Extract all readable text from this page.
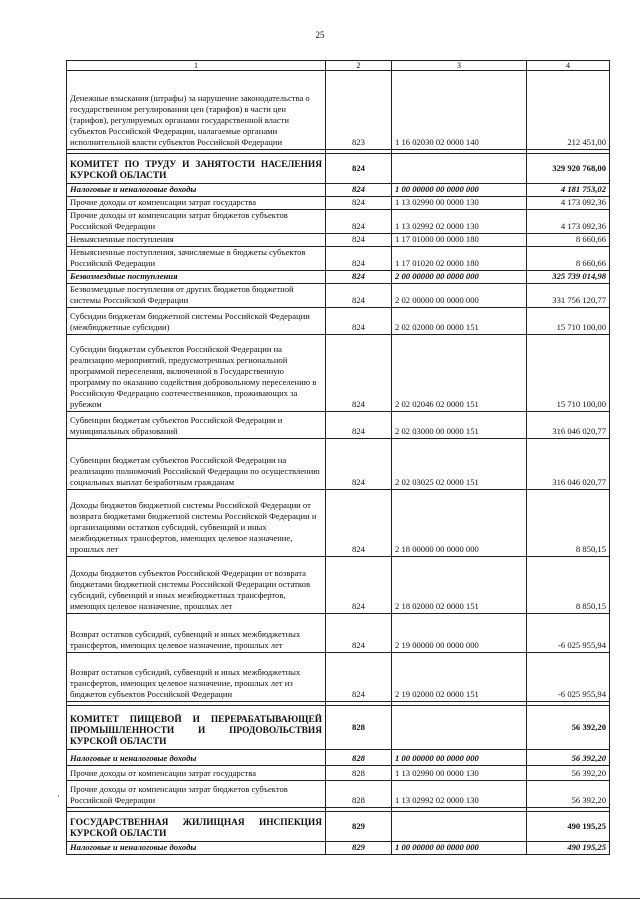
25
1	2	3	4
Денежные взыскания (штрафы) за нарушение законодательства о государственном регулировании цен (тарифов) в части цен (тарифов), регулируемых органами государственной власти субъектов Российской Федерации, налагаемые органами исполнительной власти субъектов Российской Федерации	823	1 16 02030 02 0000 140	212 451,00

КОМИТЕТ ПО ТРУДУ И ЗАНЯТОСТИ НАСЕЛЕНИЯ КУРСКОЙ ОБЛАСТИ	824		329 920 768,00
Налоговые и неналоговые доходы	824	1 00 00000 00 0000 000	4 181 753,02
Прочие доходы от компенсации затрат государства	824	1 13 02990 00 0000 130	4 173 092,36
Прочие доходы от компенсации затрат бюджетов субъектов Российской Федерации	824	1 13 02992 02 0000 130	4 173 092,36
Невыясненные поступления	824	1 17 01000 00 0000 180	8 660,66
Невыясненные поступления, зачисляемые в бюджеты субъектов Российской Федерации	824	1 17 01020 02 0000 180	8 660,66
Безвозмездные поступления	824	2 00 00000 00 0000 000	325 739 014,98
Безвозмездные поступления от других бюджетов бюджетной системы Российской Федерации	824	2 02 00000 00 0000 000	331 756 120,77
Субсидии бюджетам бюджетной системы Российской Федерации (межбюджетные субсидии)	824	2 02 02000 00 0000 151	15 710 100,00
Субсидии бюджетам субъектов Российской Федерации на реализацию мероприятий, предусмотренных региональной программой переселения, включенной в Государственную программу по оказанию содействия добровольному переселению в Российскую Федерацию соотечественников, проживающих за рубежом	824	2 02 02046 02 0000 151	15 710 100,00
Субвенции бюджетам субъектов Российской Федерации и муниципальных образований	824	2 02 03000 00 0000 151	316 046 020,77
Субвенции бюджетам субъектов Российской Федерации на реализацию полномочий Российской Федерации по осуществлению социальных выплат безработным гражданам	824	2 02 03025 02 0000 151	316 046 020,77
Доходы бюджетов бюджетной системы Российской Федерации от возврата бюджетами бюджетной системы Российской Федерации и организациями остатков субсидий, субвенций и иных межбюджетных трансфертов, имеющих целевое назначение, прошлых лет	824	2 18 00000 00 0000 000	8 850,15
Доходы бюджетов субъектов Российской Федерации от возврата бюджетами бюджетной системы Российской Федерации остатков субсидий, субвенций и иных межбюджетных трансфертов, имеющих целевое назначение, прошлых лет	824	2 18 02000 02 0000 151	8 850,15
Возврат остатков субсидий, субвенций и иных межбюджетных трансфертов, имеющих целевое назначение, прошлых лет	824	2 19 00000 00 0000 000	-6 025 955,94
Возврат остатков субсидий, субвенций и иных межбюджетных трансфертов, имеющих целевое назначение, прошлых лет из бюджетов субъектов Российской Федерации	824	2 19 02000 02 0000 151	-6 025 955,94

КОМИТЕТ ПИЩЕВОЙ И ПЕРЕРАБАТЫВАЮЩЕЙ ПРОМЫШЛЕННОСТИ И ПРОДОВОЛЬСТВИЯ КУРСКОЙ ОБЛАСТИ	828		56 392,20
Налоговые и неналоговые доходы	828	1 00 00000 00 0000 000	56 392,20
Прочие доходы от компенсации затрат государства	828	1 13 02990 00 0000 130	56 392,20
Прочие доходы от компенсации затрат бюджетов субъектов Российской Федерации	828	1 13 02992 02 0000 130	56 392,20

ГОСУДАРСТВЕННАЯ ЖИЛИЩНАЯ ИНСПЕКЦИЯ КУРСКОЙ ОБЛАСТИ	829		490 195,25
Налоговые и неналоговые доходы	829	1 00 00000 00 0000 000	490 195,25
·
